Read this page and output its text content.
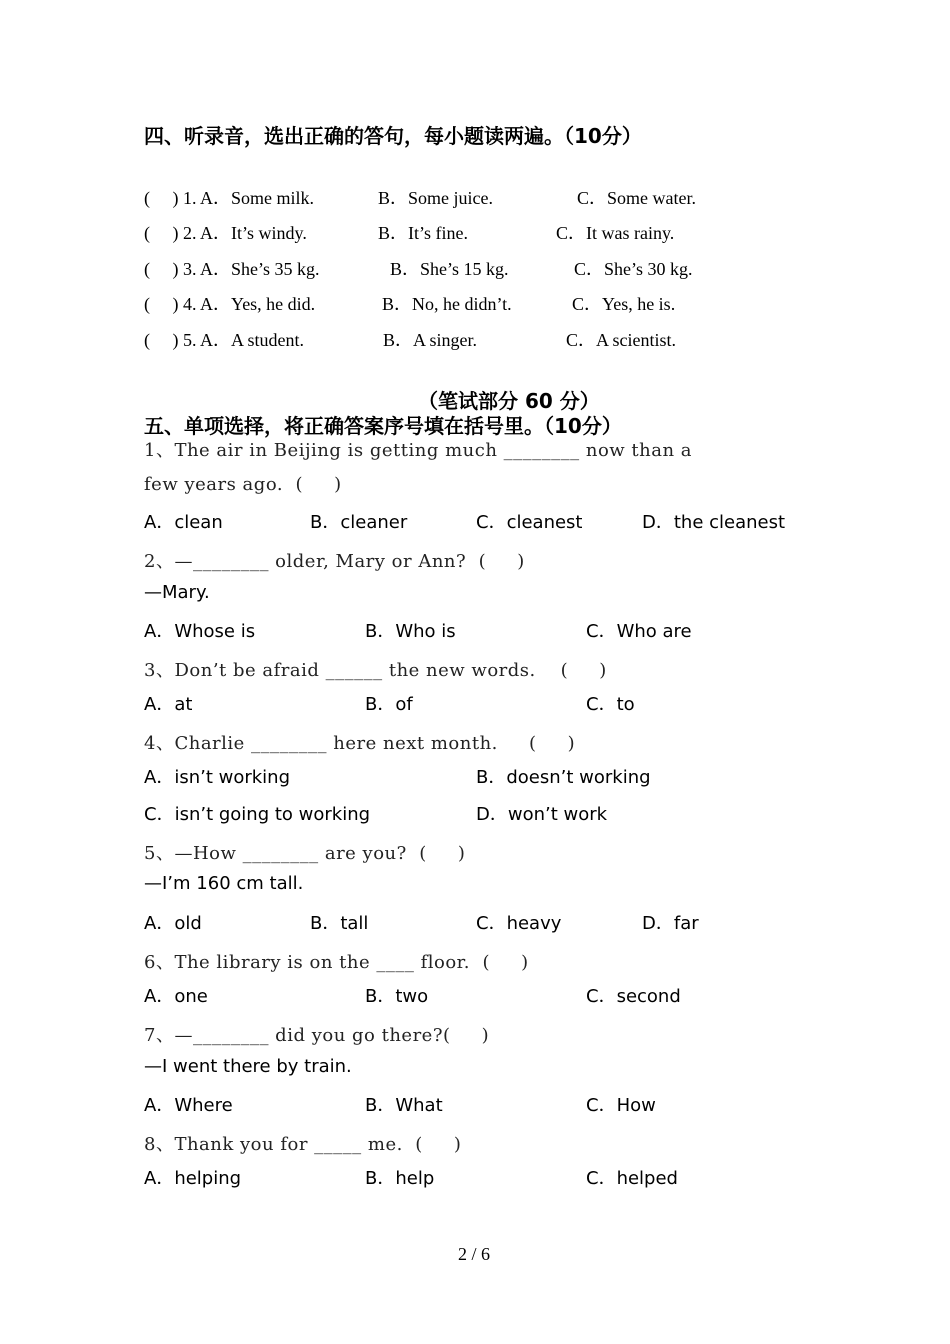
四、听录音，选出正确的答句，每小题读两遍。（10分）
(     ) 1. A．Some milk.	B．Some juice.	C．Some water.
(     ) 2. A．It’s windy.	B．It’s fine.	C．It was rainy.
(     ) 3. A．She’s 35 kg.	B．She’s 15 kg.	C．She’s 30 kg.
(     ) 4. A．Yes, he did.	B．No, he didn’t.	C．Yes, he is.
(     ) 5. A．A student.	B．A singer.	C．A scientist.
（笔试部分 60 分）
五、单项选择，将正确答案序号填在括号里。（10分）
1、The air in Beijing is getting much ________ now than a
few years ago.  (     )
A．clean	B．cleaner	C．cleanest	D．the cleanest
2、—________ older, Mary or Ann?  (     )
—Mary.
A．Whose is	B．Who is	C．Who are
3、Don’t be afraid ______ the new words.    (     )
A．at	B．of	C．to
4、Charlie ________ here next month.     (     )
A．isn’t working	B．doesn’t working
C．isn’t going to working	D．won’t work
5、—How ________ are you?  (     )
—I’m 160 cm tall.
A．old	B．tall	C．heavy	D．far
6、The library is on the ____ floor.  (     )
A．one	B．two	C．second
7、—________ did you go there?(     )
—I went there by train.
A．Where	B．What	C．How
8、Thank you for _____ me.  (     )
A．helping	B．help	C．helped
2 / 6
